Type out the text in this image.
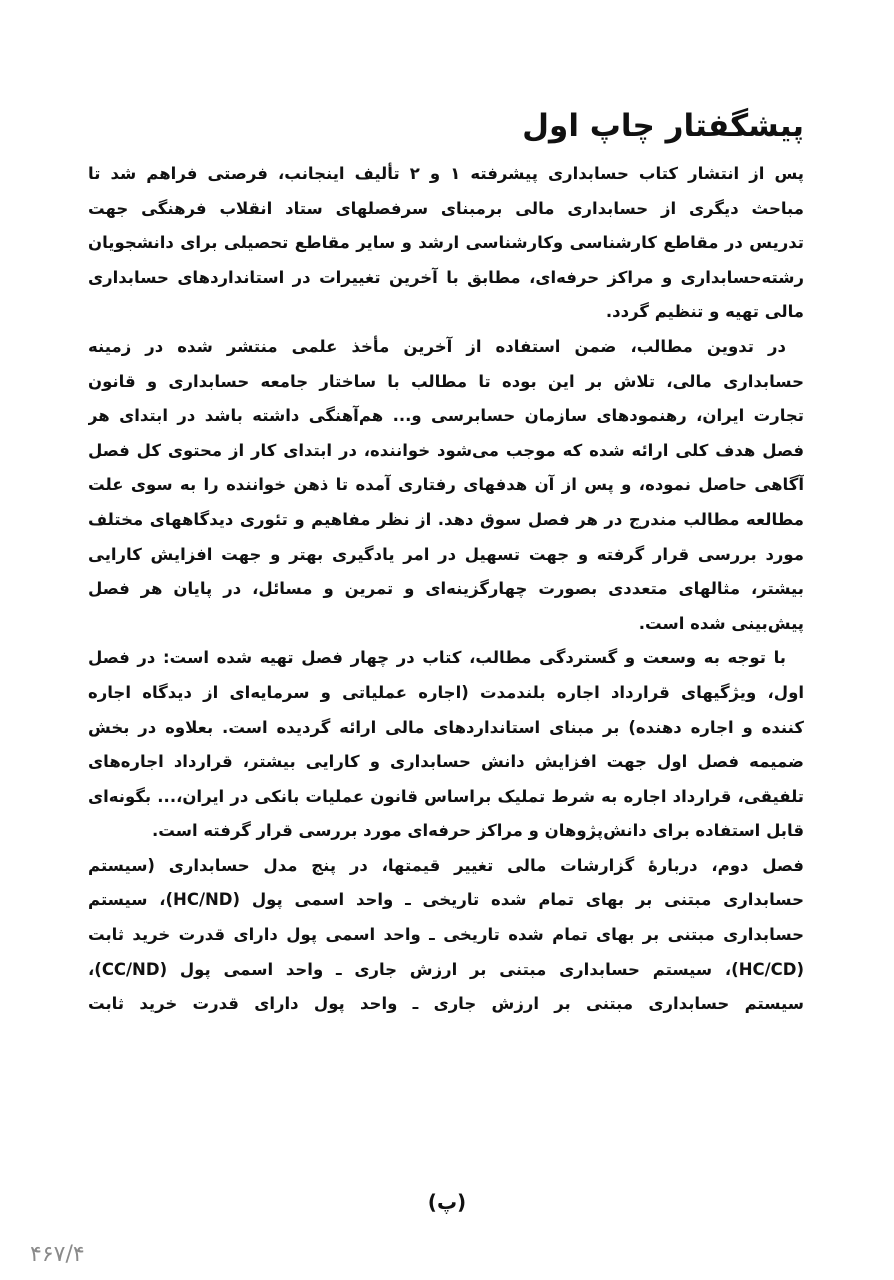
پیشگفتار چاپ اول
پس از انتشار کتاب حسابداری پیشرفته ۱ و ۲ تألیف اینجانب، فرصتی فراهم شد تا
مباحث دیگری از حسابداری مالی برمبنای سرفصلهای ستاد انقلاب فرهنگی جهت
تدریس در مقاطع کارشناسی وکارشناسی ارشد و سایر مقاطع تحصیلی برای دانشجویان
رشته‌حسابداری و مراکز حرفه‌ای، مطابق با آخرین تغییرات در استانداردهای حسابداری
مالی تهیه و تنظیم گردد.
در تدوین مطالب، ضمن استفاده از آخرین مأخذ علمی منتشر شده در زمینه
حسابداری مالی، تلاش بر این بوده تا مطالب با ساختار جامعه حسابداری و قانون
تجارت ایران، رهنمودهای سازمان حسابرسی و... هم‌آهنگی داشته باشد در ابتدای هر
فصل هدف کلی ارائه شده که موجب می‌شود خواننده، در ابتدای کار از محتوی کل فصل
آگاهی حاصل نموده، و پس از آن هدفهای رفتاری آمده تا ذهن خواننده را به سوی علت
مطالعه مطالب مندرج در هر فصل سوق دهد. از نظر مفاهیم و تئوری دیدگاههای مختلف
مورد بررسی قرار گرفته و جهت تسهیل در امر یادگیری بهتر و جهت افزایش کارایی
بیشتر، مثالهای متعددی بصورت چهارگزینه‌ای و تمرین و مسائل، در پایان هر فصل
پیش‌بینی شده است.
با توجه به وسعت و گستردگی مطالب، کتاب در چهار فصل تهیه شده است: در فصل
اول، ویژگیهای قرارداد اجاره بلندمدت (اجاره عملیاتی و سرمایه‌ای از دیدگاه اجاره
کننده و اجاره دهنده) بر مبنای استانداردهای مالی ارائه گردیده است. بعلاوه در بخش
ضمیمه فصل اول جهت افزایش دانش حسابداری و کارایی بیشتر، قرارداد اجاره‌های
تلفیقی، قرارداد اجاره به شرط تملیک براساس قانون عملیات بانکی در ایران،... بگونه‌ای
قابل استفاده برای دانش‌پژوهان و مراکز حرفه‌ای مورد بررسی قرار گرفته است.
فصل دوم، دربارهٔ گزارشات مالی تغییر قیمتها، در پنج مدل حسابداری (سیستم
حسابداری مبتنی بر بهای تمام شده تاریخی ـ واحد اسمی پول (HC/ND)، سیستم
حسابداری مبتنی بر بهای تمام شده تاریخی ـ واحد اسمی پول دارای قدرت خرید ثابت
(HC/CD)، سیستم حسابداری مبتنی بر ارزش جاری ـ واحد اسمی پول (CC/ND)،
سیستم حسابداری مبتنی بر ارزش جاری ـ واحد پول دارای قدرت خرید ثابت
(پ)
۴۶۷/۴
